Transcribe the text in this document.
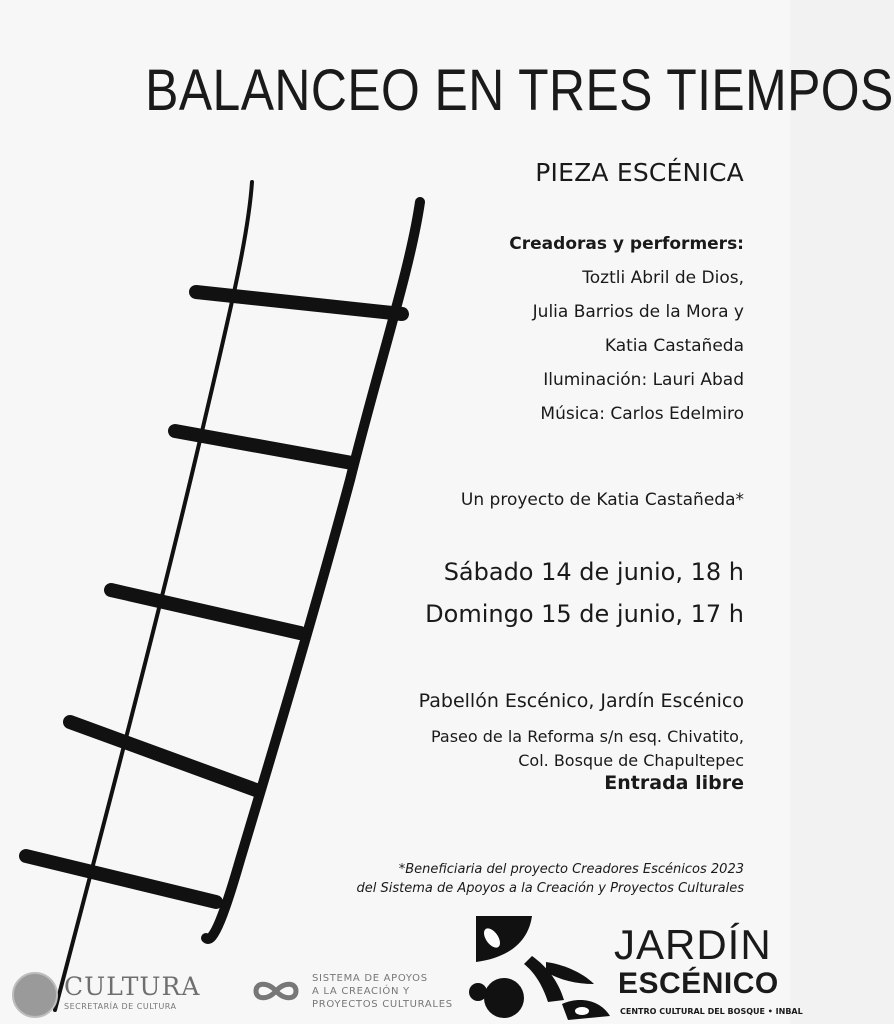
BALANCEO EN TRES TIEMPOS
PIEZA ESCÉNICA
Creadoras y performers:
Toztli Abril de Dios,
Julia Barrios de la Mora y
Katia Castañeda
Iluminación: Lauri Abad
Música: Carlos Edelmiro
Un proyecto de Katia Castañeda*
Sábado 14 de junio, 18 h
Domingo 15 de junio, 17 h
Pabellón Escénico, Jardín Escénico
Paseo de la Reforma s/n esq. Chivatito,
Col. Bosque de Chapultepec
Entrada libre
*Beneficiaria del proyecto Creadores Escénicos 2023
del Sistema de Apoyos a la Creación y Proyectos Culturales
CULTURA
SECRETARÍA DE CULTURA
SISTEMA DE APOYOS
A LA CREACIÓN Y
PROYECTOS CULTURALES
JARDÍN
ESCÉNICO
CENTRO CULTURAL DEL BOSQUE • INBAL
